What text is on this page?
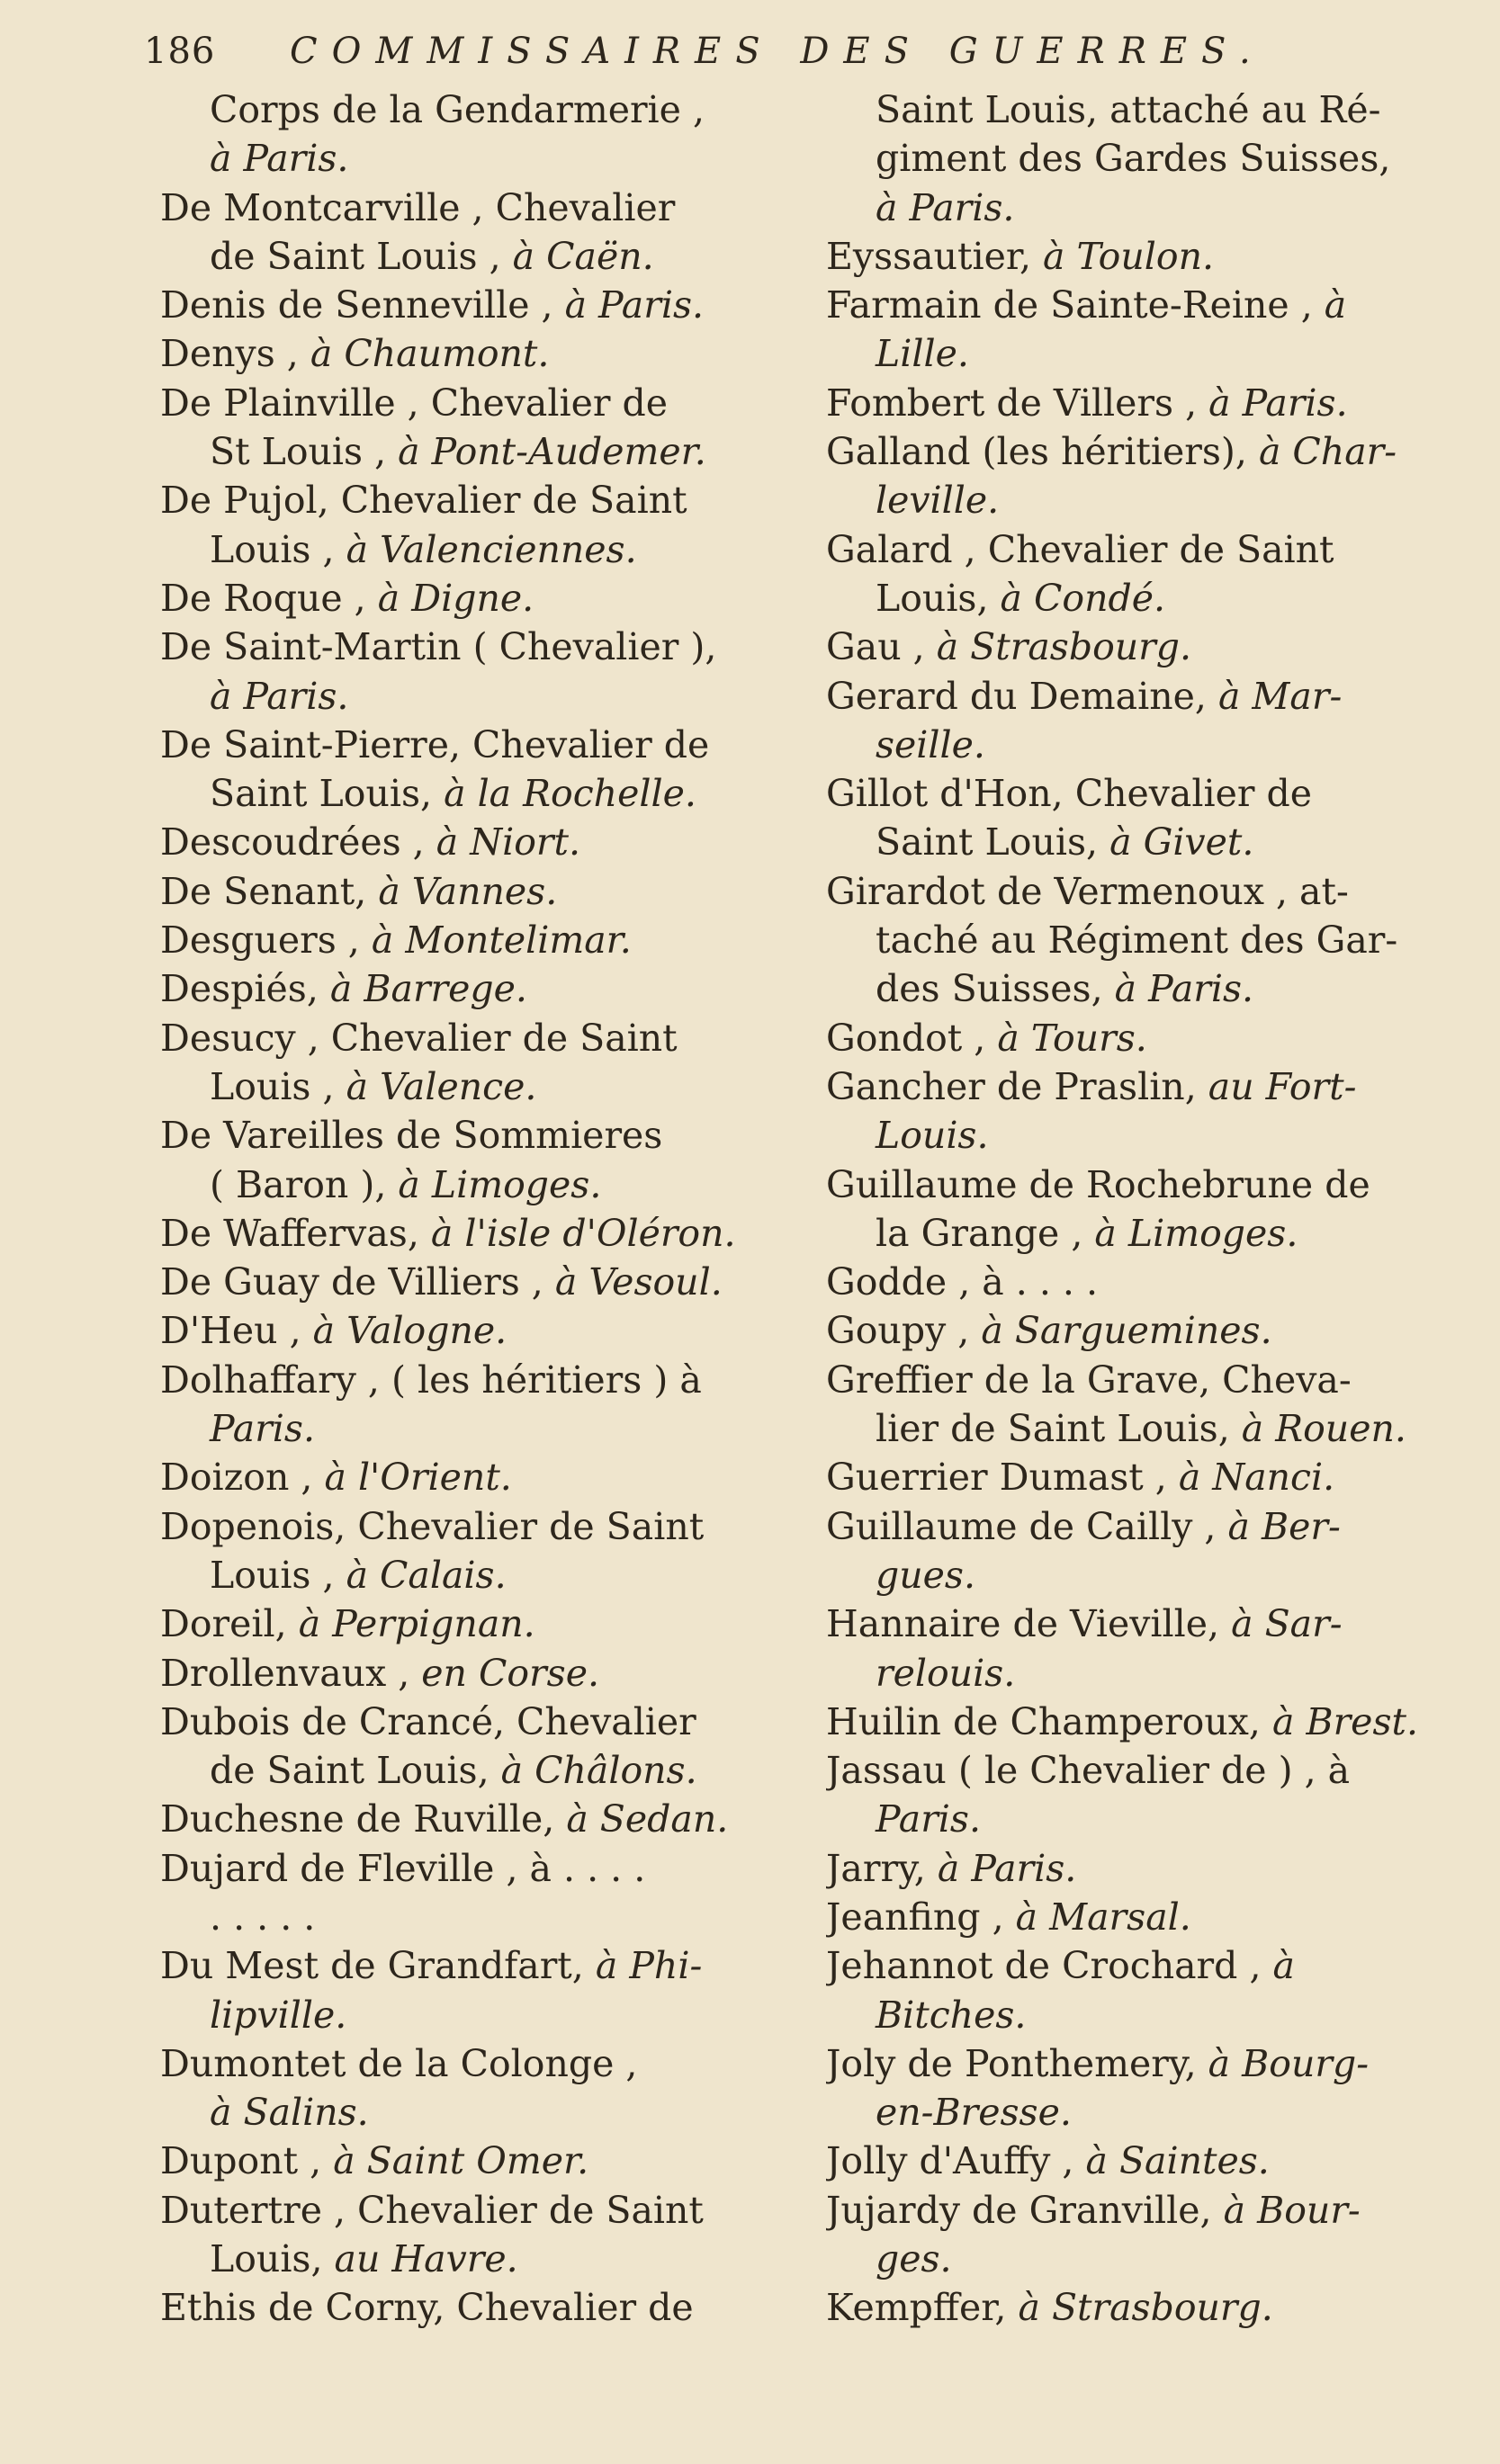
186 COMMISSAIRES DES GUERRES.
Corps de la Gendarmerie ,
à Paris.
De Montcarville , Chevalier
de Saint Louis , à Caën.
Denis de Senneville , à Paris.
Denys , à Chaumont.
De Plainville , Chevalier de
St Louis , à Pont-Audemer.
De Pujol, Chevalier de Saint
Louis , à Valenciennes.
De Roque , à Digne.
De Saint-Martin ( Chevalier ),
à Paris.
De Saint-Pierre, Chevalier de
Saint Louis, à la Rochelle.
Descoudrées , à Niort.
De Senant, à Vannes.
Desguers , à Montelimar.
Despiés, à Barrege.
Desucy , Chevalier de Saint
Louis , à Valence.
De Vareilles de Sommieres
( Baron ), à Limoges.
De Waffervas, à l'isle d'Oléron.
De Guay de Villiers , à Vesoul.
D'Heu , à Valogne.
Dolhaffary , ( les héritiers ) à
Paris.
Doizon , à l'Orient.
Dopenois, Chevalier de Saint
Louis , à Calais.
Doreil, à Perpignan.
Drollenvaux , en Corse.
Dubois de Crancé, Chevalier
de Saint Louis, à Châlons.
Duchesne de Ruville, à Sedan.
Dujard de Fleville , à . . . .
. . . . .
Du Mest de Grandfart, à Phi-
lipville.
Dumontet de la Colonge ,
à Salins.
Dupont , à Saint Omer.
Dutertre , Chevalier de Saint
Louis, au Havre.
Ethis de Corny, Chevalier de
Saint Louis, attaché au Ré-
giment des Gardes Suisses,
à Paris.
Eyssautier, à Toulon.
Farmain de Sainte-Reine , à
Lille.
Fombert de Villers , à Paris.
Galland (les héritiers), à Char-
leville.
Galard , Chevalier de Saint
Louis, à Condé.
Gau , à Strasbourg.
Gerard du Demaine, à Mar-
seille.
Gillot d'Hon, Chevalier de
Saint Louis, à Givet.
Girardot de Vermenoux , at-
taché au Régiment des Gar-
des Suisses, à Paris.
Gondot , à Tours.
Gancher de Praslin, au Fort-
Louis.
Guillaume de Rochebrune de
la Grange , à Limoges.
Godde , à . . . .
Goupy , à Sarguemines.
Greffier de la Grave, Cheva-
lier de Saint Louis, à Rouen.
Guerrier Dumast , à Nanci.
Guillaume de Cailly , à Ber-
gues.
Hannaire de Vieville, à Sar-
relouis.
Huilin de Champeroux, à Brest.
Jassau ( le Chevalier de ) , à
Paris.
Jarry, à Paris.
Jeanfing , à Marsal.
Jehannot de Crochard , à
Bitches.
Joly de Ponthemery, à Bourg-
en-Bresse.
Jolly d'Auffy , à Saintes.
Jujardy de Granville, à Bour-
ges.
Kempffer, à Strasbourg.
